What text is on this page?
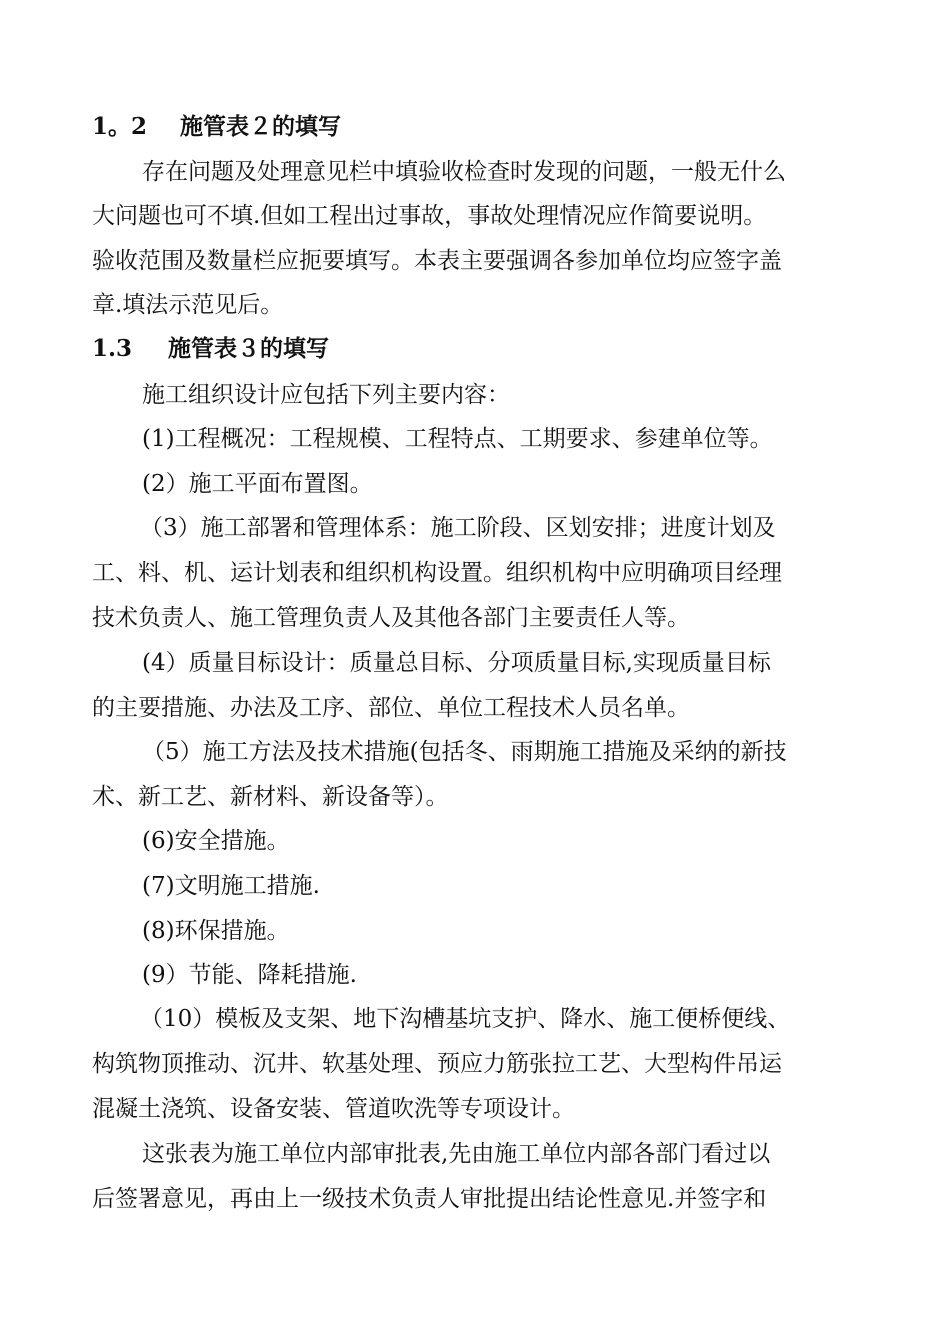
1。2 施管表２的填写
存在问题及处理意见栏中填验收检查时发现的问题，一般无什么
大问题也可不填.但如工程出过事故，事故处理情况应作简要说明。
验收范围及数量栏应扼要填写。本表主要强调各参加单位均应签字盖
章.填法示范见后。
1.3 施管表３的填写
施工组织设计应包括下列主要内容：
(1)工程概况：工程规模、工程特点、工期要求、参建单位等。
(2）施工平面布置图。
（3）施工部署和管理体系：施工阶段、区划安排；进度计划及
工、料、机、运计划表和组织机构设置。组织机构中应明确项目经理
技术负责人、施工管理负责人及其他各部门主要责任人等。
(4）质量目标设计：质量总目标、分项质量目标,实现质量目标
的主要措施、办法及工序、部位、单位工程技术人员名单。
（5）施工方法及技术措施(包括冬、雨期施工措施及采纳的新技
术、新工艺、新材料、新设备等）。
(6)安全措施。
(7)文明施工措施.
(8)环保措施。
(9）节能、降耗措施.
（10）模板及支架、地下沟槽基坑支护、降水、施工便桥便线、
构筑物顶推动、沉井、软基处理、预应力筋张拉工艺、大型构件吊运
混凝土浇筑、设备安装、管道吹洗等专项设计。
这张表为施工单位内部审批表,先由施工单位内部各部门看过以
后签署意见，再由上一级技术负责人审批提出结论性意见.并签字和
